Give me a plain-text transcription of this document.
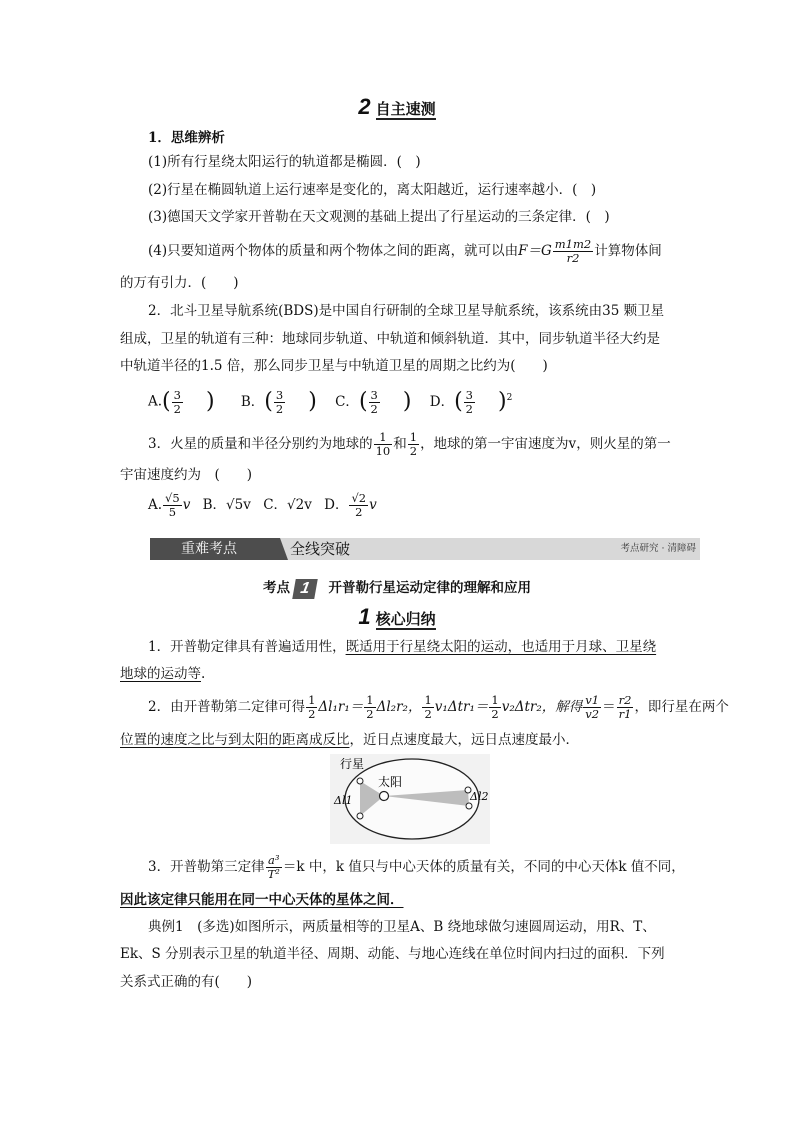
2 自主速测
1．思维辨析
(1)所有行星绕太阳运行的轨道都是椭圆．(　)
(2)行星在椭圆轨道上运行速率是变化的，离太阳越近，运行速率越小．(　)
(3)德国天文学家开普勒在天文观测的基础上提出了行星运动的三条定律．(　)
(4)只要知道两个物体的质量和两个物体之间的距离，就可以由$F=G \frac{m1m2}{r2}$ 计算物体间
的万有引力．(　　)
2．北斗卫星导航系统(BDS)是中国自行研制的全球卫星导航系统，该系统由35 颗卫星
组成，卫星的轨道有三种：地球同步轨道、中轨道和倾斜轨道．其中，同步轨道半径大约是
中轨道半径的1.5 倍，那么同步卫星与中轨道卫星的周期之比约为(　　)
$A.( \frac{3}{2}$ ) B．( $\frac{3}{2}$ ) C．( $\frac{3}{2}$ ) D．( $\frac{3}{2} )^2$
3．火星的质量和半径分别约为地球的 $\frac{1}{10}$ 和 $\frac{1}{2}$ ，地球的第一宇宙速度为v，则火星的第一
宇宙速度约为　(　　)
A. $\frac{√5}{5}$ v B．√5v C．√2v D． $\frac{√2}{2}$ v
重难考点	全线突破	考点研究 · 清障碍
考点 1 开普勒行星运动定律的理解和应用
1 核心归纳
1．开普勒定律具有普遍适用性，既适用于行星绕太阳的运动，也适用于月球、卫星绕
地球的运动等.
2．由开普勒第二定律可得 $\frac{1}{2} \Delta l_1r_1= \frac{1}{2} \Delta l_2r_2$， $\frac{1}{2} v_1\Delta tr_1= \frac{1}{2} v_2\Delta tr_2$，解得 $\frac{v1}{v2} = \frac{r2}{r1}$ ，即行星在两个
位置的速度之比与到太阳的距离成反比，近日点速度最大，远日点速度最小．
行星
太阳
Δl1	Δl2
3．开普勒第三定律 $\frac{\text{a³}}{\text{T²}} =k$ 中，k 值只与中心天体的质量有关，不同的中心天体k 值不同，
因此该定律只能用在同一中心天体的星体之间．
典例1　(多选)如图所示，两质量相等的卫星A、B 绕地球做匀速圆周运动，用R、T、
Ek、S 分别表示卫星的轨道半径、周期、动能、与地心连线在单位时间内扫过的面积．下列
关系式正确的有(　　)
